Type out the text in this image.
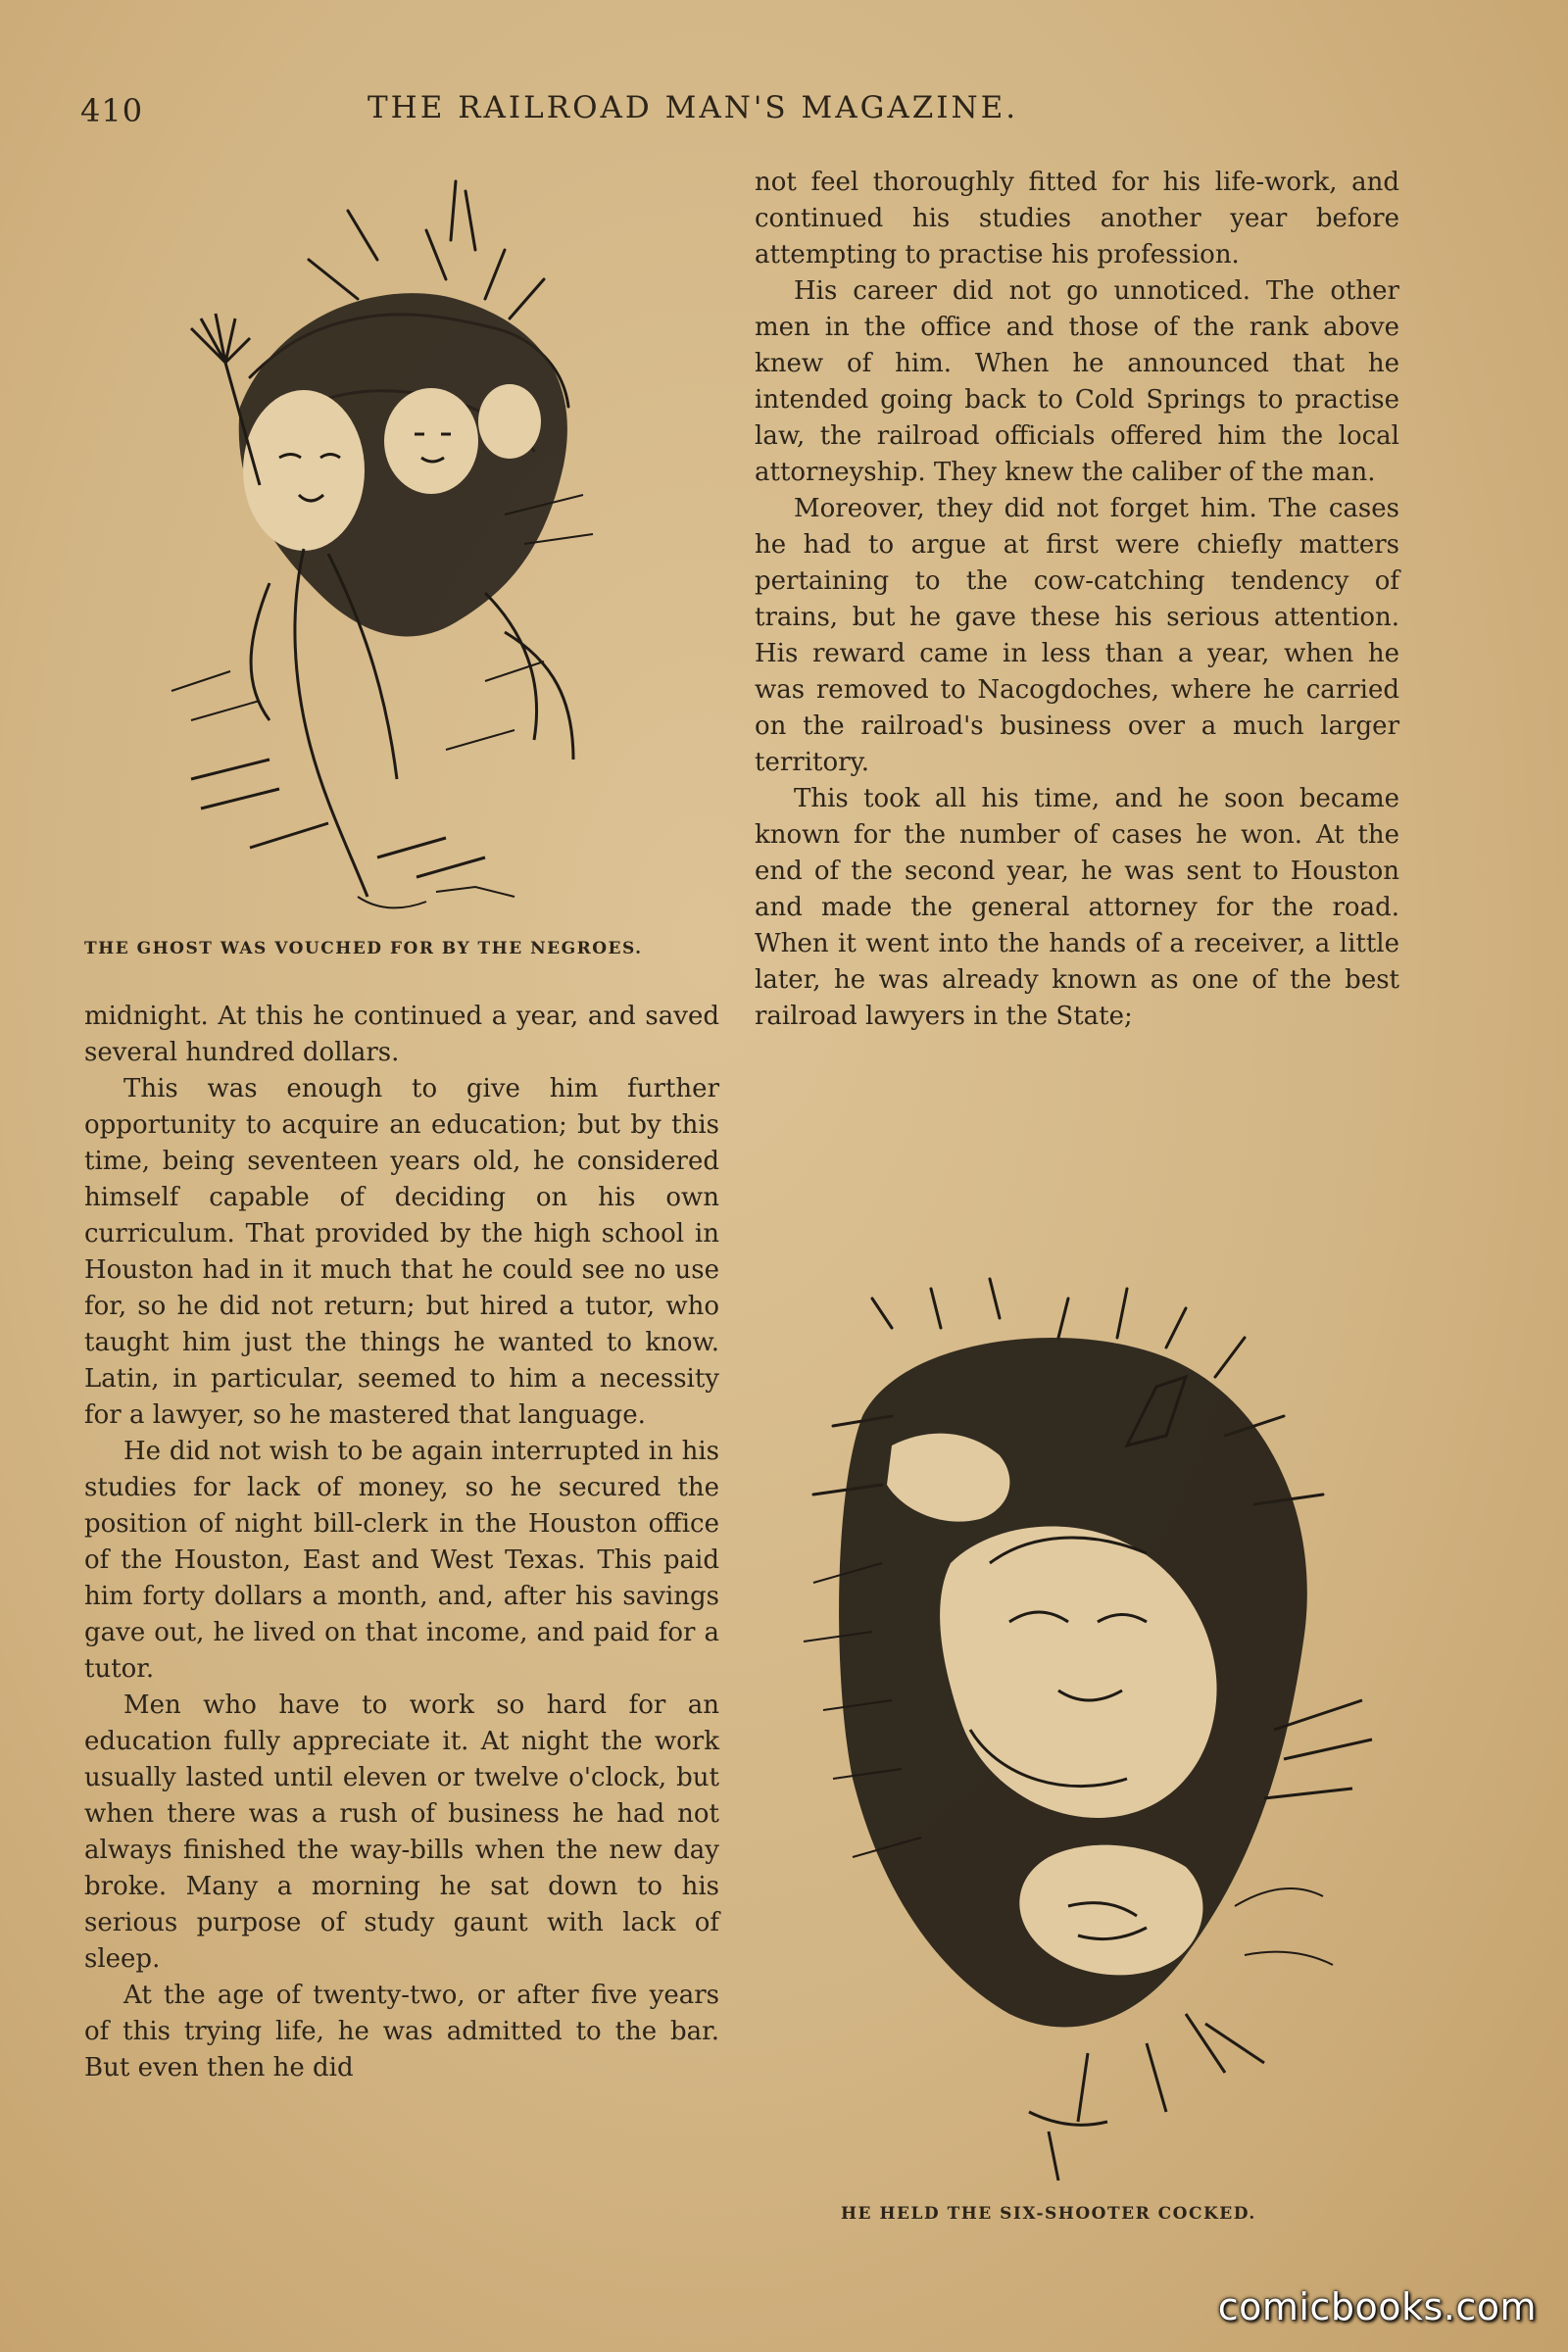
410	THE RAILROAD MAN'S MAGAZINE.
THE GHOST WAS VOUCHED FOR BY THE NEGROES.

midnight. At this he continued a year, and saved several hundred dollars.

This was enough to give him further opportunity to acquire an education; but by this time, being seventeen years old, he considered himself capable of deciding on his own curriculum. That provided by the high school in Houston had in it much that he could see no use for, so he did not return; but hired a tutor, who taught him just the things he wanted to know. Latin, in particular, seemed to him a necessity for a lawyer, so he mastered that language.

He did not wish to be again interrupted in his studies for lack of money, so he secured the position of night bill-clerk in the Houston office of the Houston, East and West Texas. This paid him forty dollars a month, and, after his savings gave out, he lived on that income, and paid for a tutor.

Men who have to work so hard for an education fully appreciate it. At night the work usually lasted until eleven or twelve o'clock, but when there was a rush of business he had not always finished the way-bills when the new day broke. Many a morning he sat down to his serious purpose of study gaunt with lack of sleep.

At the age of twenty-two, or after five years of this trying life, he was admitted to the bar. But even then he did

not feel thoroughly fitted for his life-work, and continued his studies another year before attempting to practise his profession.

His career did not go unnoticed. The other men in the office and those of the rank above knew of him. When he announced that he intended going back to Cold Springs to practise law, the railroad officials offered him the local attorneyship. They knew the caliber of the man.

Moreover, they did not forget him. The cases he had to argue at first were chiefly matters pertaining to the cow-catching tendency of trains, but he gave these his serious attention. His reward came in less than a year, when he was removed to Nacogdoches, where he carried on the railroad's business over a much larger territory.

This took all his time, and he soon became known for the number of cases he won. At the end of the second year, he was sent to Houston and made the general attorney for the road. When it went into the hands of a receiver, a little later, he was already known as one of the best railroad lawyers in the State;

HE HELD THE SIX-SHOOTER COCKED.
comicbooks.com
